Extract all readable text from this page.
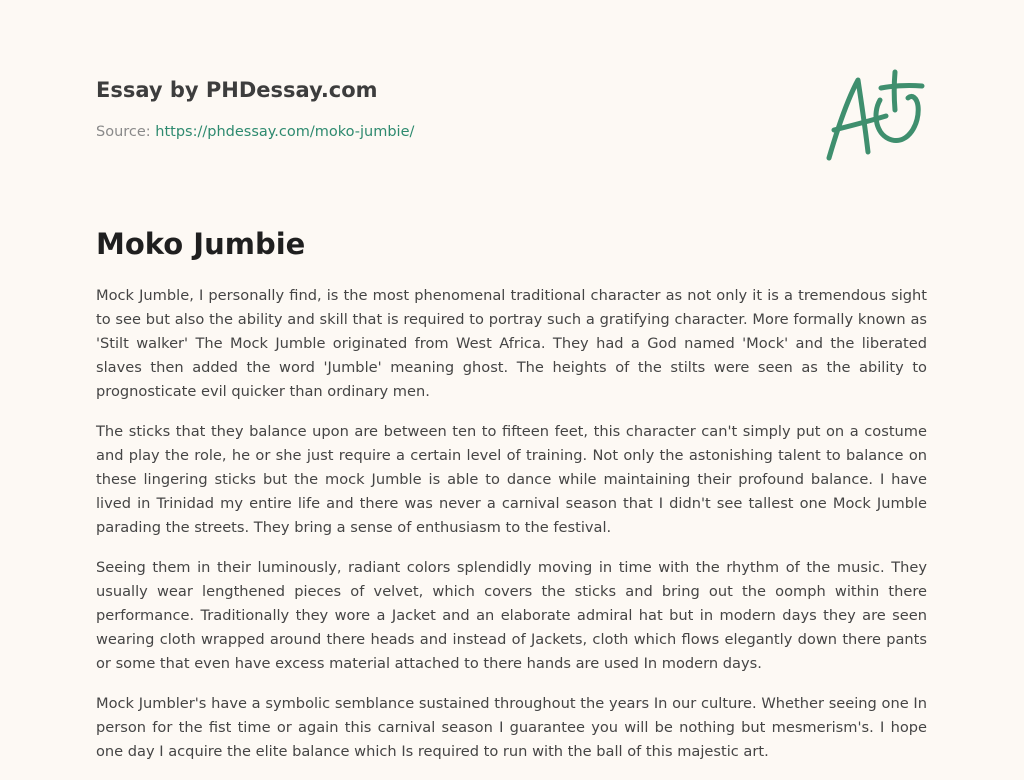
Essay by PHDessay.com
Source: https://phdessay.com/moko-jumbie/
Moko Jumbie

Mock Jumble, I personally find, is the most phenomenal traditional character as not only it is a tremendous sight to see but also the ability and skill that is required to portray such a gratifying character. More formally known as 'Stilt walker' The Mock Jumble originated from West Africa. They had a God named 'Mock' and the liberated slaves then added the word 'Jumble' meaning ghost. The heights of the stilts were seen as the ability to prognosticate evil quicker than ordinary men.

The sticks that they balance upon are between ten to fifteen feet, this character can't simply put on a costume and play the role, he or she just require a certain level of training. Not only the astonishing talent to balance on these lingering sticks but the mock Jumble is able to dance while maintaining their profound balance. I have lived in Trinidad my entire life and there was never a carnival season that I didn't see tallest one Mock Jumble parading the streets. They bring a sense of enthusiasm to the festival.

Seeing them in their luminously, radiant colors splendidly moving in time with the rhythm of the music. They usually wear lengthened pieces of velvet, which covers the sticks and bring out the oomph within there performance. Traditionally they wore a Jacket and an elaborate admiral hat but in modern days they are seen wearing cloth wrapped around there heads and instead of Jackets, cloth which flows elegantly down there pants or some that even have excess material attached to there hands are used In modern days.

Mock Jumbler's have a symbolic semblance sustained throughout the years In our culture. Whether seeing one In person for the fist time or again this carnival season I guarantee you will be nothing but mesmerism's. I hope one day I acquire the elite balance which Is required to run with the ball of this majestic art.
